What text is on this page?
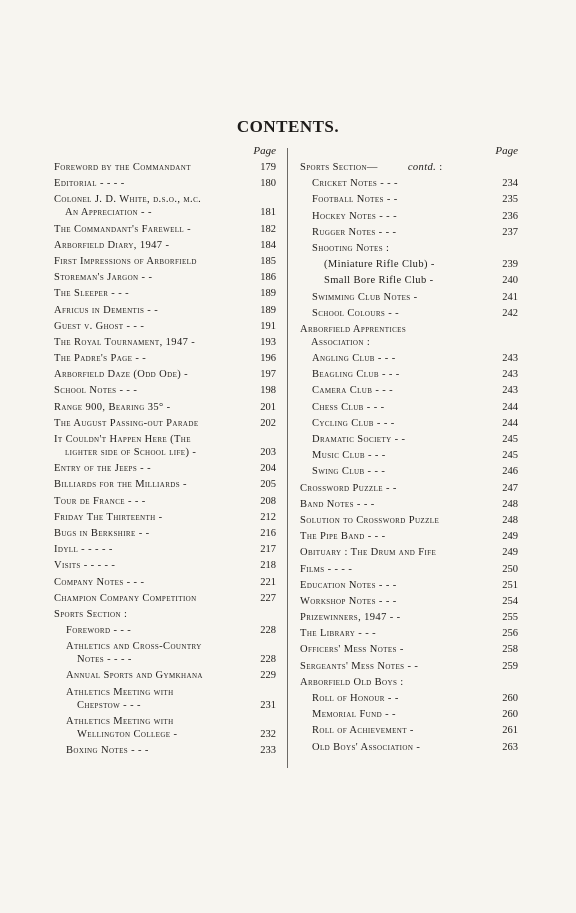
CONTENTS.
Page
Foreword by the Commandant	179
Editorial - - - -	180
Colonel J. D. White, d.s.o., m.c.
An Appreciation - -	181
The Commandant's Farewell -	182
Arborfield Diary, 1947 -	184
First Impressions of Arborfield	185
Storeman's Jargon - -	186
The Sleeper - - -	189
Africus in Dementis - -	189
Guest v. Ghost - - -	191
The Royal Tournament, 1947 -	193
The Padre's Page - -	196
Arborfield Daze (Odd Ode) -	197
School Notes - - -	198
Range 900, Bearing 35° -	201
The August Passing-out Parade	202
It Couldn't Happen Here (The
lighter side of School life) -	203
Entry of the Jeeps - -	204
Billiards for the Milliards -	205
Tour de France - - -	208
Friday The Thirteenth -	212
Bugs in Berkshire - -	216
Idyll - - - - -	217
Visits - - - - -	218
Company Notes - - -	221
Champion Company Competition	227
Sports Section :
Foreword - - -	228
Athletics and Cross-Country
Notes - - - -	228
Annual Sports and Gymkhana	229
Athletics Meeting with
Chepstow - - -	231
Athletics Meeting with
Wellington College -	232
Boxing Notes - - -	233
Page
Sports Section—	contd. :
Cricket Notes - - -	234
Football Notes - -	235
Hockey Notes - - -	236
Rugger Notes - - -	237
Shooting Notes :
(Miniature Rifle Club) -	239
Small Bore Rifle Club -	240
Swimming Club Notes -	241
School Colours - -	242
Arborfield Apprentices
Association :
Angling Club - - -	243
Beagling Club - - -	243
Camera Club - - -	243
Chess Club - - -	244
Cycling Club - - -	244
Dramatic Society - -	245
Music Club - - -	245
Swing Club - - -	246
Crossword Puzzle - -	247
Band Notes - - -	248
Solution to Crossword Puzzle	248
The Pipe Band - - -	249
Obituary : The Drum and Fife	249
Films - - - -	250
Education Notes - - -	251
Workshop Notes - - -	254
Prizewinners, 1947 - -	255
The Library - - -	256
Officers' Mess Notes -	258
Sergeants' Mess Notes - -	259
Arborfield Old Boys :
Roll of Honour - -	260
Memorial Fund - -	260
Roll of Achievement -	261
Old Boys' Association -	263
